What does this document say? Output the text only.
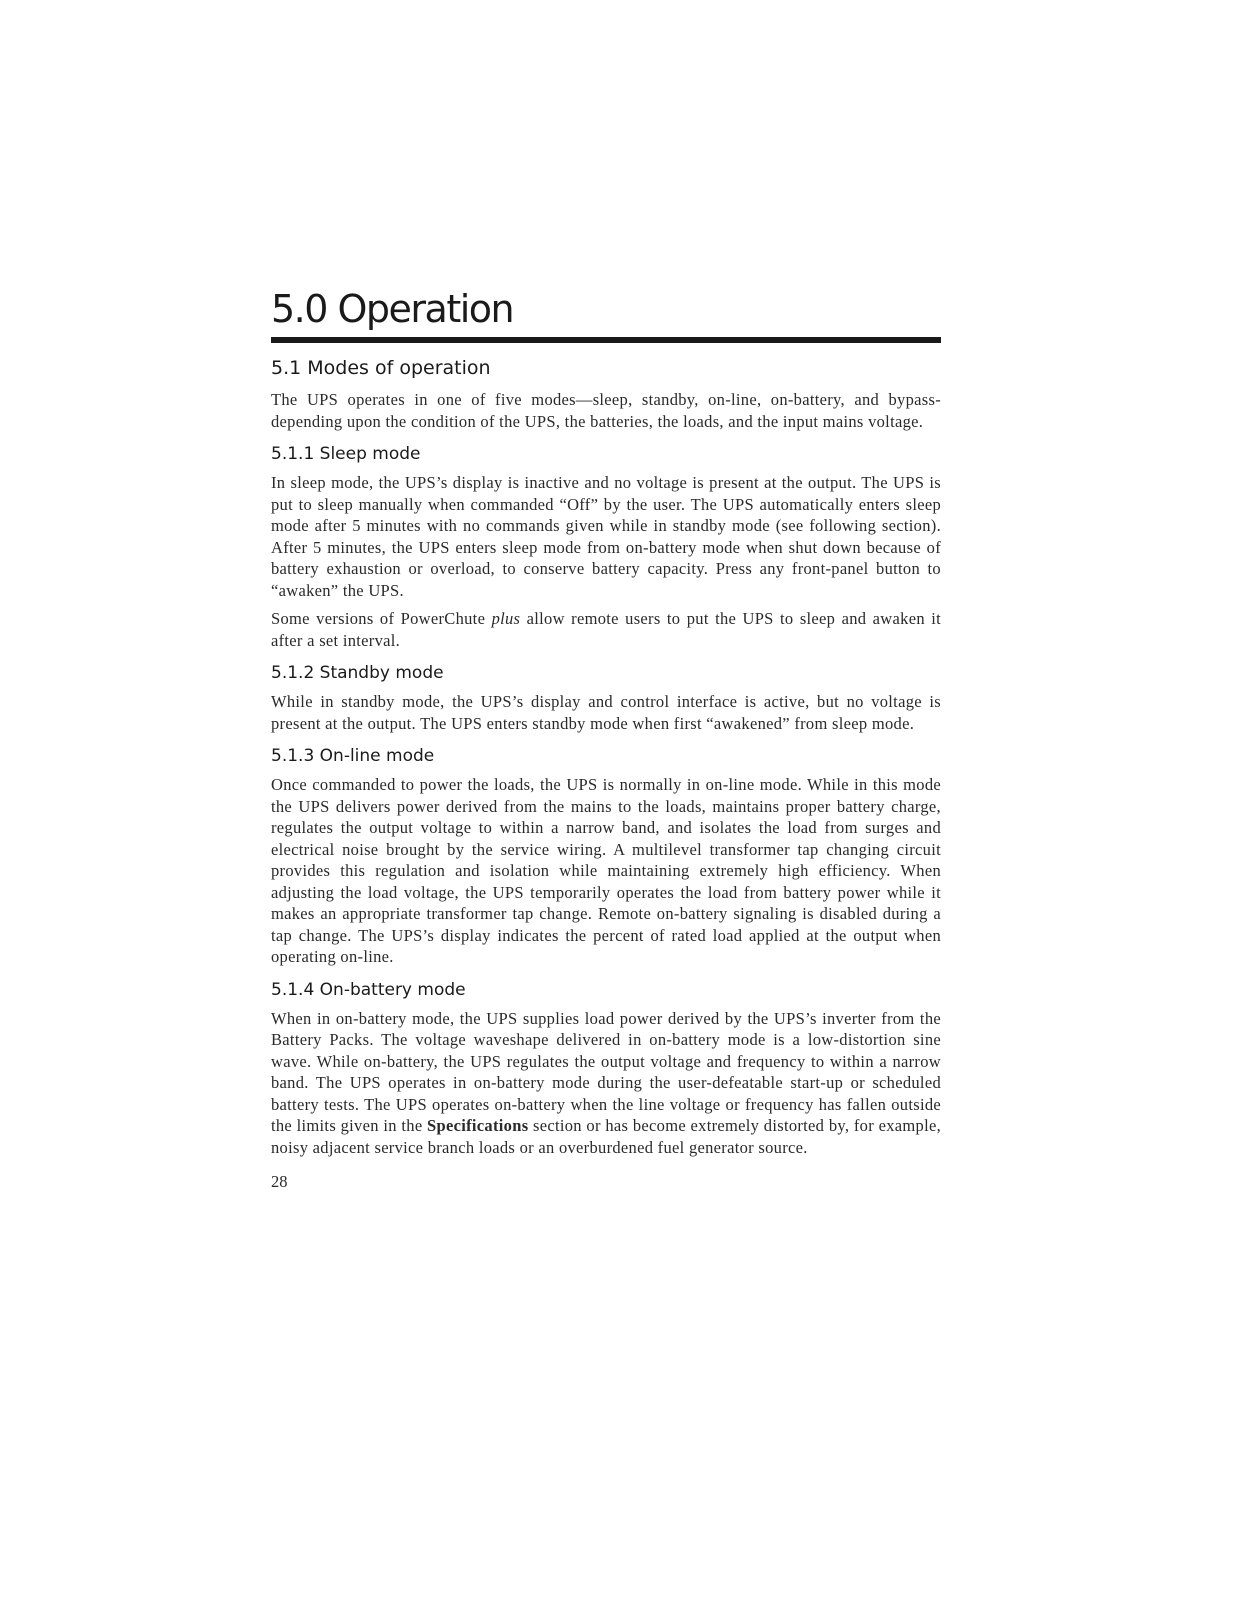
5.0 Operation
5.1 Modes of operation

The UPS operates in one of five modes—sleep, standby, on-line, on-battery, and bypass-depending upon the condition of the UPS, the batteries, the loads, and the input mains voltage.

5.1.1 Sleep mode

In sleep mode, the UPS’s display is inactive and no voltage is present at the output. The UPS is put to sleep manually when commanded “Off” by the user. The UPS automatically enters sleep mode after 5 minutes with no commands given while in standby mode (see following section). After 5 minutes, the UPS enters sleep mode from on-battery mode when shut down because of battery exhaustion or overload, to conserve battery capacity. Press any front-panel button to “awaken” the UPS.

Some versions of PowerChute plus allow remote users to put the UPS to sleep and awaken it after a set interval.

5.1.2 Standby mode

While in standby mode, the UPS’s display and control interface is active, but no voltage is present at the output. The UPS enters standby mode when first “awakened” from sleep mode.

5.1.3 On-line mode

Once commanded to power the loads, the UPS is normally in on-line mode. While in this mode the UPS delivers power derived from the mains to the loads, maintains proper battery charge, regulates the output voltage to within a narrow band, and isolates the load from surges and electrical noise brought by the service wiring. A multilevel transformer tap changing circuit provides this regulation and isolation while maintaining extremely high efficiency. When adjusting the load voltage, the UPS temporarily operates the load from battery power while it makes an appropriate transformer tap change. Remote on-battery signaling is disabled during a tap change. The UPS’s display indicates the percent of rated load applied at the output when operating on-line.

5.1.4 On-battery mode

When in on-battery mode, the UPS supplies load power derived by the UPS’s inverter from the Battery Packs. The voltage waveshape delivered in on-battery mode is a low-distortion sine wave. While on-battery, the UPS regulates the output voltage and frequency to within a narrow band. The UPS operates in on-battery mode during the user-defeatable start-up or scheduled battery tests. The UPS operates on-battery when the line voltage or frequency has fallen outside the limits given in the Specifications section or has become extremely distorted by, for example, noisy adjacent service branch loads or an overburdened fuel generator source.

28
